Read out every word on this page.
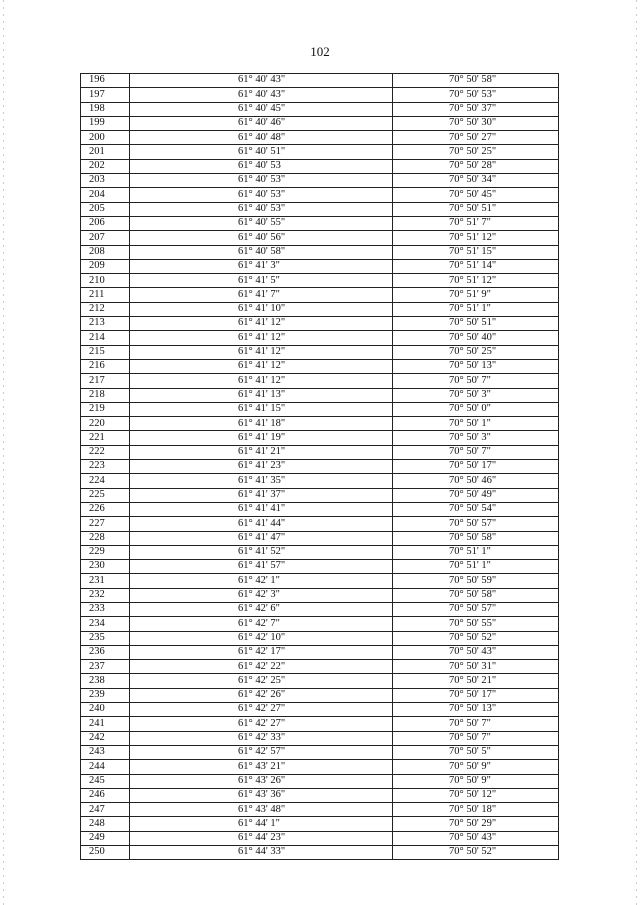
102
196	61° 40' 43"	70° 50' 58"
197	61° 40' 43"	70° 50' 53"
198	61° 40' 45"	70° 50' 37"
199	61° 40' 46"	70° 50' 30"
200	61° 40' 48"	70° 50' 27"
201	61° 40' 51"	70° 50' 25"
202	61° 40' 53	70° 50' 28"
203	61° 40' 53"	70° 50' 34"
204	61° 40' 53"	70° 50' 45"
205	61° 40' 53"	70° 50' 51"
206	61° 40' 55"	70° 51' 7"
207	61° 40' 56"	70° 51' 12"
208	61° 40' 58"	70° 51' 15"
209	61° 41' 3"	70° 51' 14"
210	61° 41' 5"	70° 51' 12"
211	61° 41' 7"	70° 51' 9"
212	61° 41' 10"	70° 51' 1"
213	61° 41' 12"	70° 50' 51"
214	61° 41' 12"	70° 50' 40"
215	61° 41' 12"	70° 50' 25"
216	61° 41' 12"	70° 50' 13"
217	61° 41' 12"	70° 50' 7"
218	61° 41' 13"	70° 50' 3"
219	61° 41' 15"	70° 50' 0"
220	61° 41' 18"	70° 50' 1"
221	61° 41' 19"	70° 50' 3"
222	61° 41' 21"	70° 50' 7"
223	61° 41' 23"	70° 50' 17"
224	61° 41' 35"	70° 50' 46"
225	61° 41' 37"	70° 50' 49"
226	61° 41' 41"	70° 50' 54"
227	61° 41' 44"	70° 50' 57"
228	61° 41' 47"	70° 50' 58"
229	61° 41' 52"	70° 51' 1"
230	61° 41' 57"	70° 51' 1"
231	61° 42' 1"	70° 50' 59"
232	61° 42' 3"	70° 50' 58"
233	61° 42' 6"	70° 50' 57"
234	61° 42' 7"	70° 50' 55"
235	61° 42' 10"	70° 50' 52"
236	61° 42' 17"	70° 50' 43"
237	61° 42' 22"	70° 50' 31"
238	61° 42' 25"	70° 50' 21"
239	61° 42' 26"	70° 50' 17"
240	61° 42' 27"	70° 50' 13"
241	61° 42' 27"	70° 50' 7"
242	61° 42' 33"	70° 50' 7"
243	61° 42' 57"	70° 50' 5"
244	61° 43' 21"	70° 50' 9"
245	61° 43' 26"	70° 50' 9"
246	61° 43' 36"	70° 50' 12"
247	61° 43' 48"	70° 50' 18"
248	61° 44' 1"	70° 50' 29"
249	61° 44' 23"	70° 50' 43"
250	61° 44' 33"	70° 50' 52"
